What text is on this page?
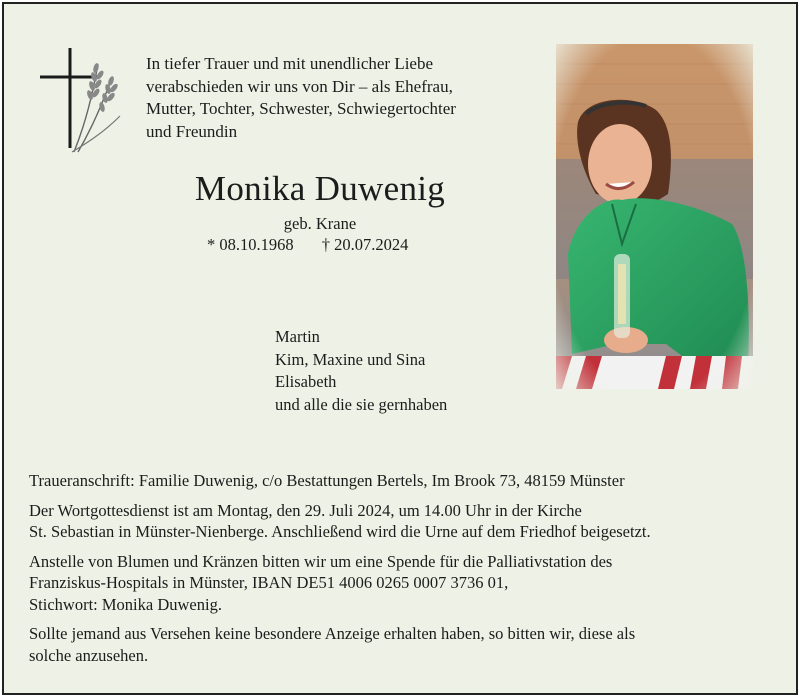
In tiefer Trauer und mit unendlicher Liebe
verabschieden wir uns von Dir – als Ehefrau,
Mutter, Tochter, Schwester, Schwiegertochter
und Freundin
Monika Duwenig
geb. Krane
* 08.10.1968 † 20.07.2024
Martin
Kim, Maxine und Sina
Elisabeth
und alle die sie gernhaben

Traueranschrift: Familie Duwenig, c/o Bestattungen Bertels, Im Brook 73, 48159 Münster

Der Wortgottesdienst ist am Montag, den 29. Juli 2024, um 14.00 Uhr in der Kirche
St. Sebastian in Münster-Nienberge. Anschließend wird die Urne auf dem Friedhof beigesetzt.

Anstelle von Blumen und Kränzen bitten wir um eine Spende für die Palliativstation des
Franziskus-Hospitals in Münster, IBAN DE51 4006 0265 0007 3736 01,
Stichwort: Monika Duwenig.

Sollte jemand aus Versehen keine besondere Anzeige erhalten haben, so bitten wir, diese als
solche anzusehen.
